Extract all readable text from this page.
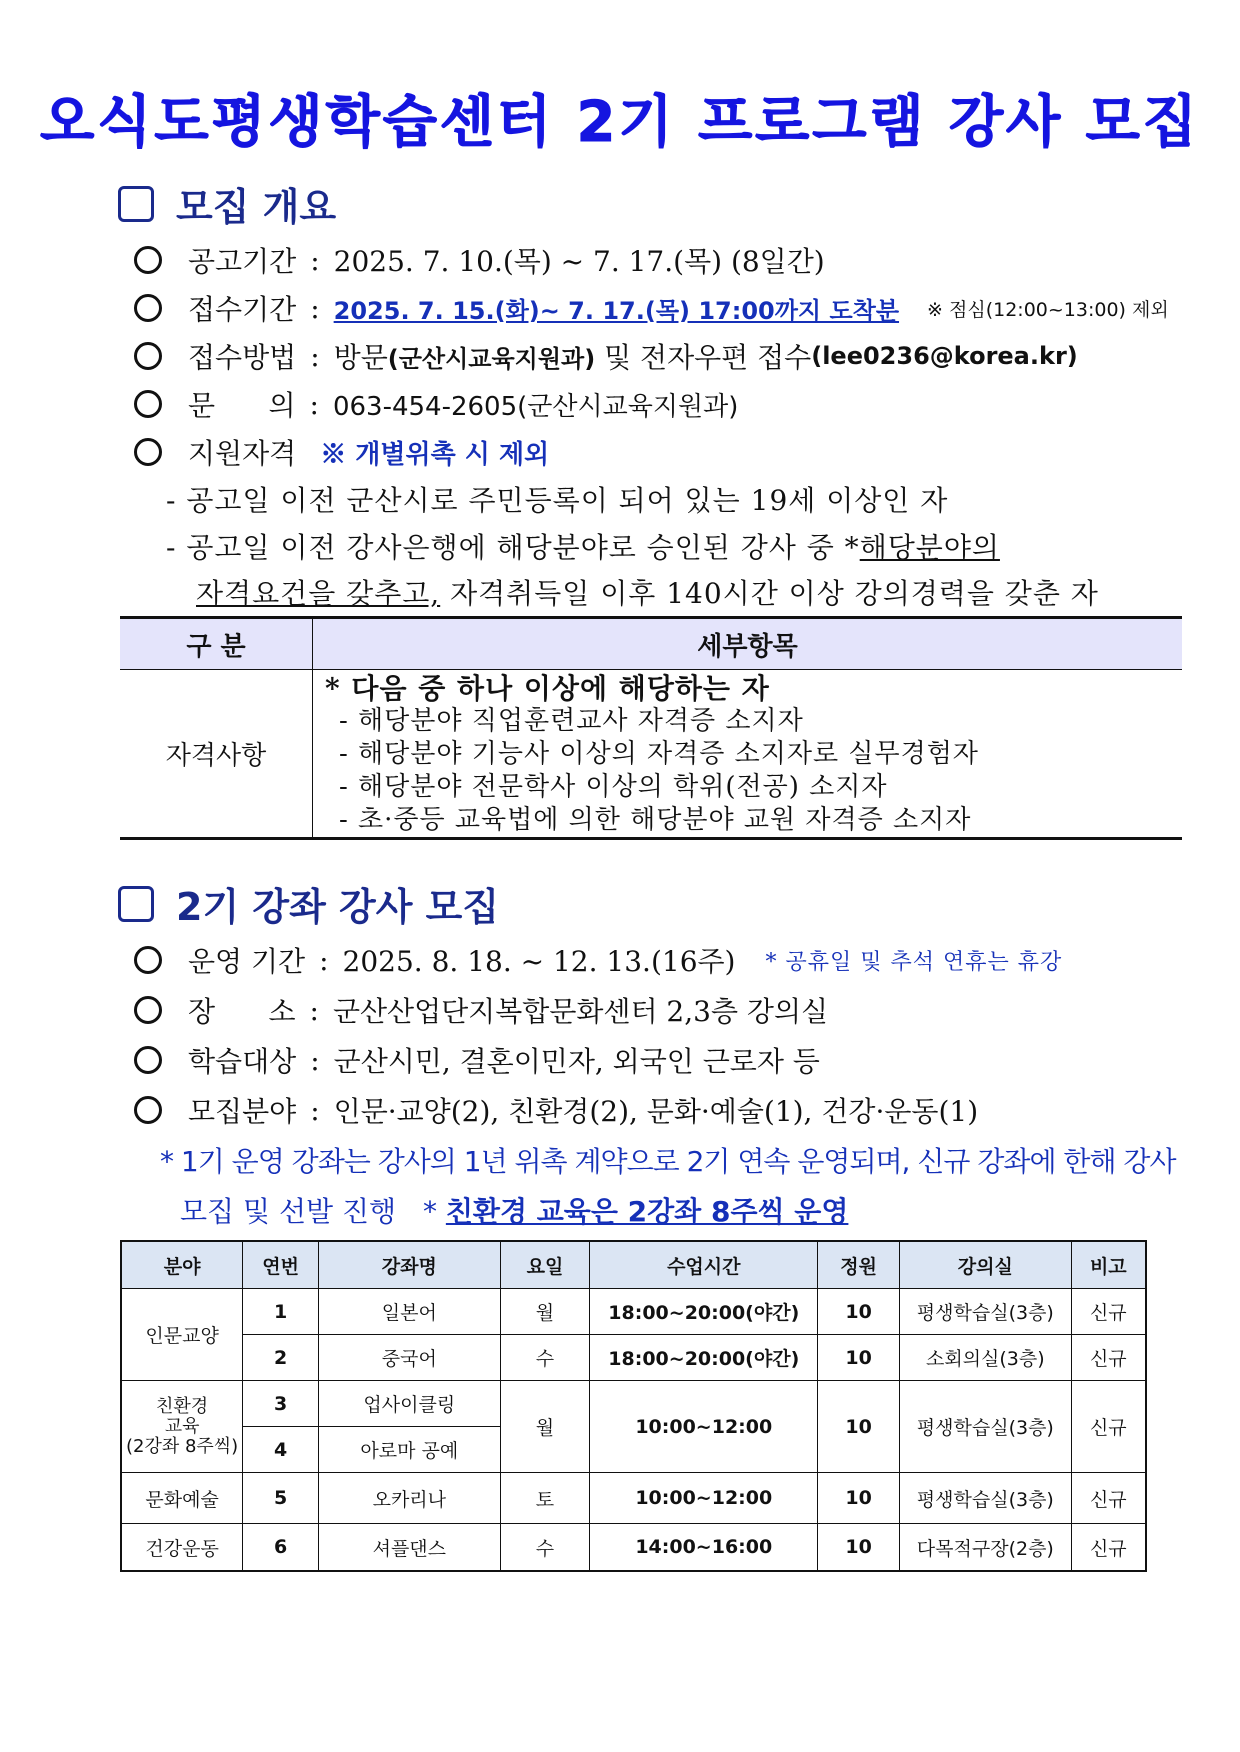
오식도평생학습센터 2기 프로그램 강사 모집
모집 개요
공고기간 : 2025. 7. 10.(목) ~ 7. 17.(목) (8일간)
접수기간 : 2025. 7. 15.(화)~ 7. 17.(목) 17:00까지 도착분 ※ 점심(12:00~13:00) 제외
접수방법 : 방문 (군산시교육지원과) 및 전자우편 접수 (lee0236@korea.kr)
문      의 : 063-454-2605(군산시교육지원과)
지원자격 ※ 개별위촉 시 제외
- 공고일 이전 군산시로 주민등록이 되어 있는 19세 이상인 자
- 공고일 이전 강사은행에 해당분야로 승인된 강사 중 *해당분야의
자격요건을 갖추고, 자격취득일 이후 140시간 이상 강의경력을 갖춘 자
구 분	세부항목
자격사항	* 다음 중 하나 이상에 해당하는 자
- 해당분야 직업훈련교사 자격증 소지자
- 해당분야 기능사 이상의 자격증 소지자로 실무경험자
- 해당분야 전문학사 이상의 학위(전공) 소지자
- 초·중등 교육법에 의한 해당분야 교원 자격증 소지자
2기 강좌 강사 모집
운영 기간 : 2025. 8. 18. ~ 12. 13.(16주) * 공휴일 및 추석 연휴는 휴강
장      소 : 군산산업단지복합문화센터 2,3층 강의실
학습대상 : 군산시민, 결혼이민자, 외국인 근로자 등
모집분야 : 인문·교양(2), 친환경(2), 문화·예술(1), 건강·운동(1)
* 1기 운영 강좌는 강사의 1년 위촉 계약으로 2기 연속 운영되며, 신규 강좌에 한해 강사
모집 및 선발 진행 * 친환경 교육은 2강좌 8주씩 운영
분야	연번	강좌명	요일	수업시간	정원	강의실	비고
인문교양	1	일본어	월	18:00~20:00(야간)	10	평생학습실(3층)	신규
	2	중국어	수	18:00~20:00(야간)	10	소회의실(3층)	신규
친환경
교육
(2강좌 8주씩)	3	업사이클링	월	10:00~12:00	10	평생학습실(3층)	신규
	4	아로마 공예					
문화예술	5	오카리나	토	10:00~12:00	10	평생학습실(3층)	신규
건강운동	6	셔플댄스	수	14:00~16:00	10	다목적구장(2층)	신규
